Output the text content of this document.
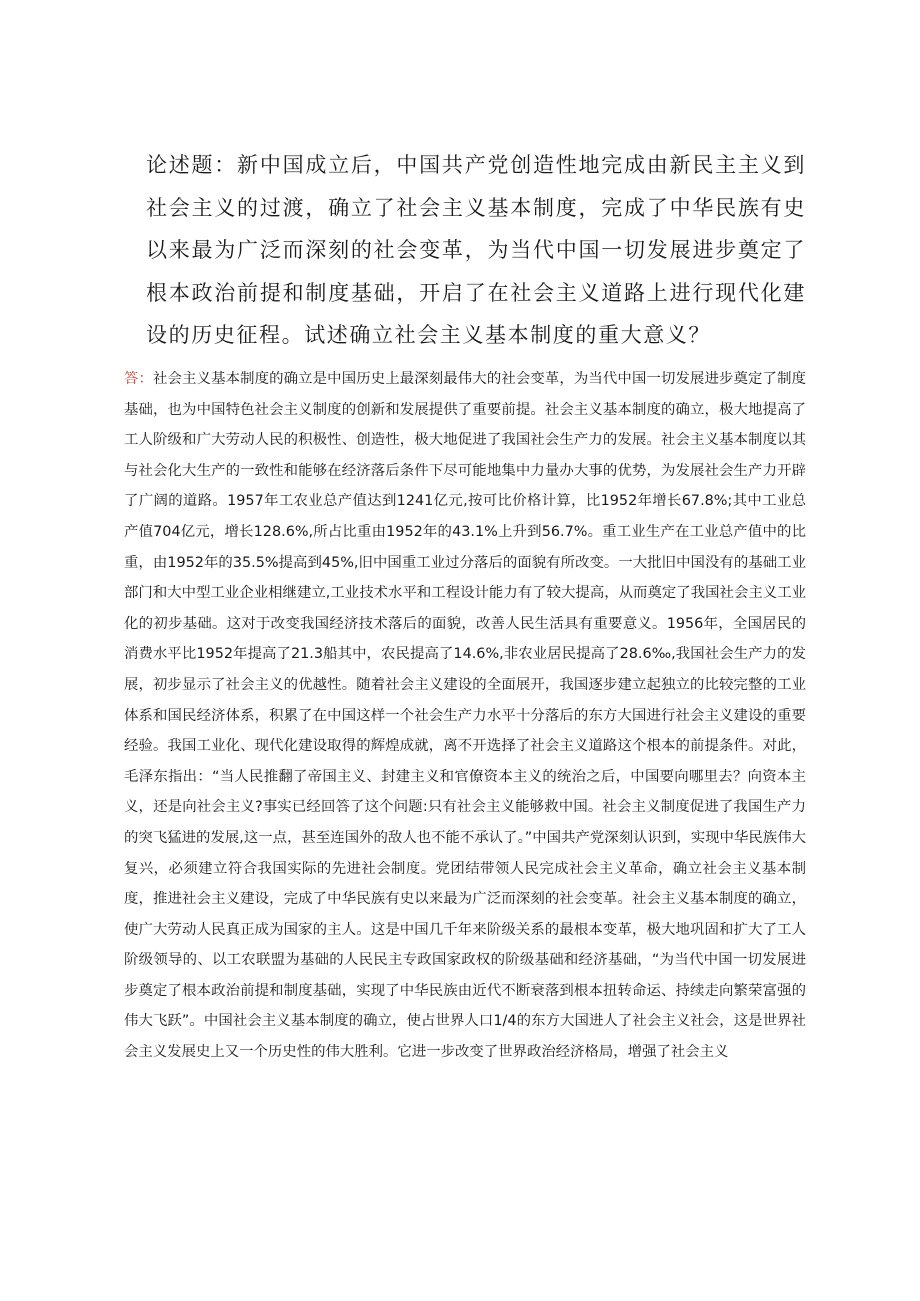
论述题：新中国成立后，中国共产党创造性地完成由新民主主义到社会主义的过渡，确立了社会主义基本制度，完成了中华民族有史以来最为广泛而深刻的社会变革，为当代中国一切发展进步奠定了根本政治前提和制度基础，开启了在社会主义道路上进行现代化建设的历史征程。试述确立社会主义基本制度的重大意义？

答：社会主义基本制度的确立是中国历史上最深刻最伟大的社会变革，为当代中国一切发展进步奠定了制度基础，也为中国特色社会主义制度的创新和发展提供了重要前提。社会主义基本制度的确立，极大地提高了工人阶级和广大劳动人民的积极性、创造性，极大地促进了我国社会生产力的发展。社会主义基本制度以其与社会化大生产的一致性和能够在经济落后条件下尽可能地集中力量办大事的优势，为发展社会生产力开辟了广阔的道路。1957年工农业总产值达到1241亿元,按可比价格计算，比1952年增长67.8%;其中工业总产值704亿元，增长128.6%,所占比重由1952年的43.1%上升到56.7%。重工业生产在工业总产值中的比重，由1952年的35.5%提高到45%,旧中国重工业过分落后的面貌有所改变。一大批旧中国没有的基础工业部门和大中型工业企业相继建立,工业技术水平和工程设计能力有了较大提高，从而奠定了我国社会主义工业化的初步基础。这对于改变我国经济技术落后的面貌，改善人民生活具有重要意义。1956年，全国居民的消费水平比1952年提高了21.3船其中，农民提高了14.6%,非农业居民提高了28.6‰,我国社会生产力的发展，初步显示了社会主义的优越性。随着社会主义建设的全面展开，我国逐步建立起独立的比较完整的工业体系和国民经济体系，积累了在中国这样一个社会生产力水平十分落后的东方大国进行社会主义建设的重要经验。我国工业化、现代化建设取得的辉煌成就，离不开选择了社会主义道路这个根本的前提条件。对此，毛泽东指出：“当人民推翻了帝国主义、封建主义和官僚资本主义的统治之后，中国要向哪里去？向资本主义，还是向社会主义?事实已经回答了这个问题:只有社会主义能够救中国。社会主义制度促进了我国生产力的突飞猛进的发展,这一点，甚至连国外的敌人也不能不承认了。”中国共产党深刻认识到，实现中华民族伟大复兴，必须建立符合我国实际的先进社会制度。党团结带领人民完成社会主义革命，确立社会主义基本制度，推进社会主义建设，完成了中华民族有史以来最为广泛而深刻的社会变革。社会主义基本制度的确立，使广大劳动人民真正成为国家的主人。这是中国几千年来阶级关系的最根本变革，极大地巩固和扩大了工人阶级领导的、以工农联盟为基础的人民民主专政国家政权的阶级基础和经济基础，“为当代中国一切发展进步奠定了根本政治前提和制度基础，实现了中华民族由近代不断衰落到根本扭转命运、持续走向繁荣富强的伟大飞跃”。中国社会主义基本制度的确立，使占世界人口1/4的东方大国进人了社会主义社会，这是世界社会主义发展史上又一个历史性的伟大胜利。它进一步改变了世界政治经济格局，增强了社会主义
